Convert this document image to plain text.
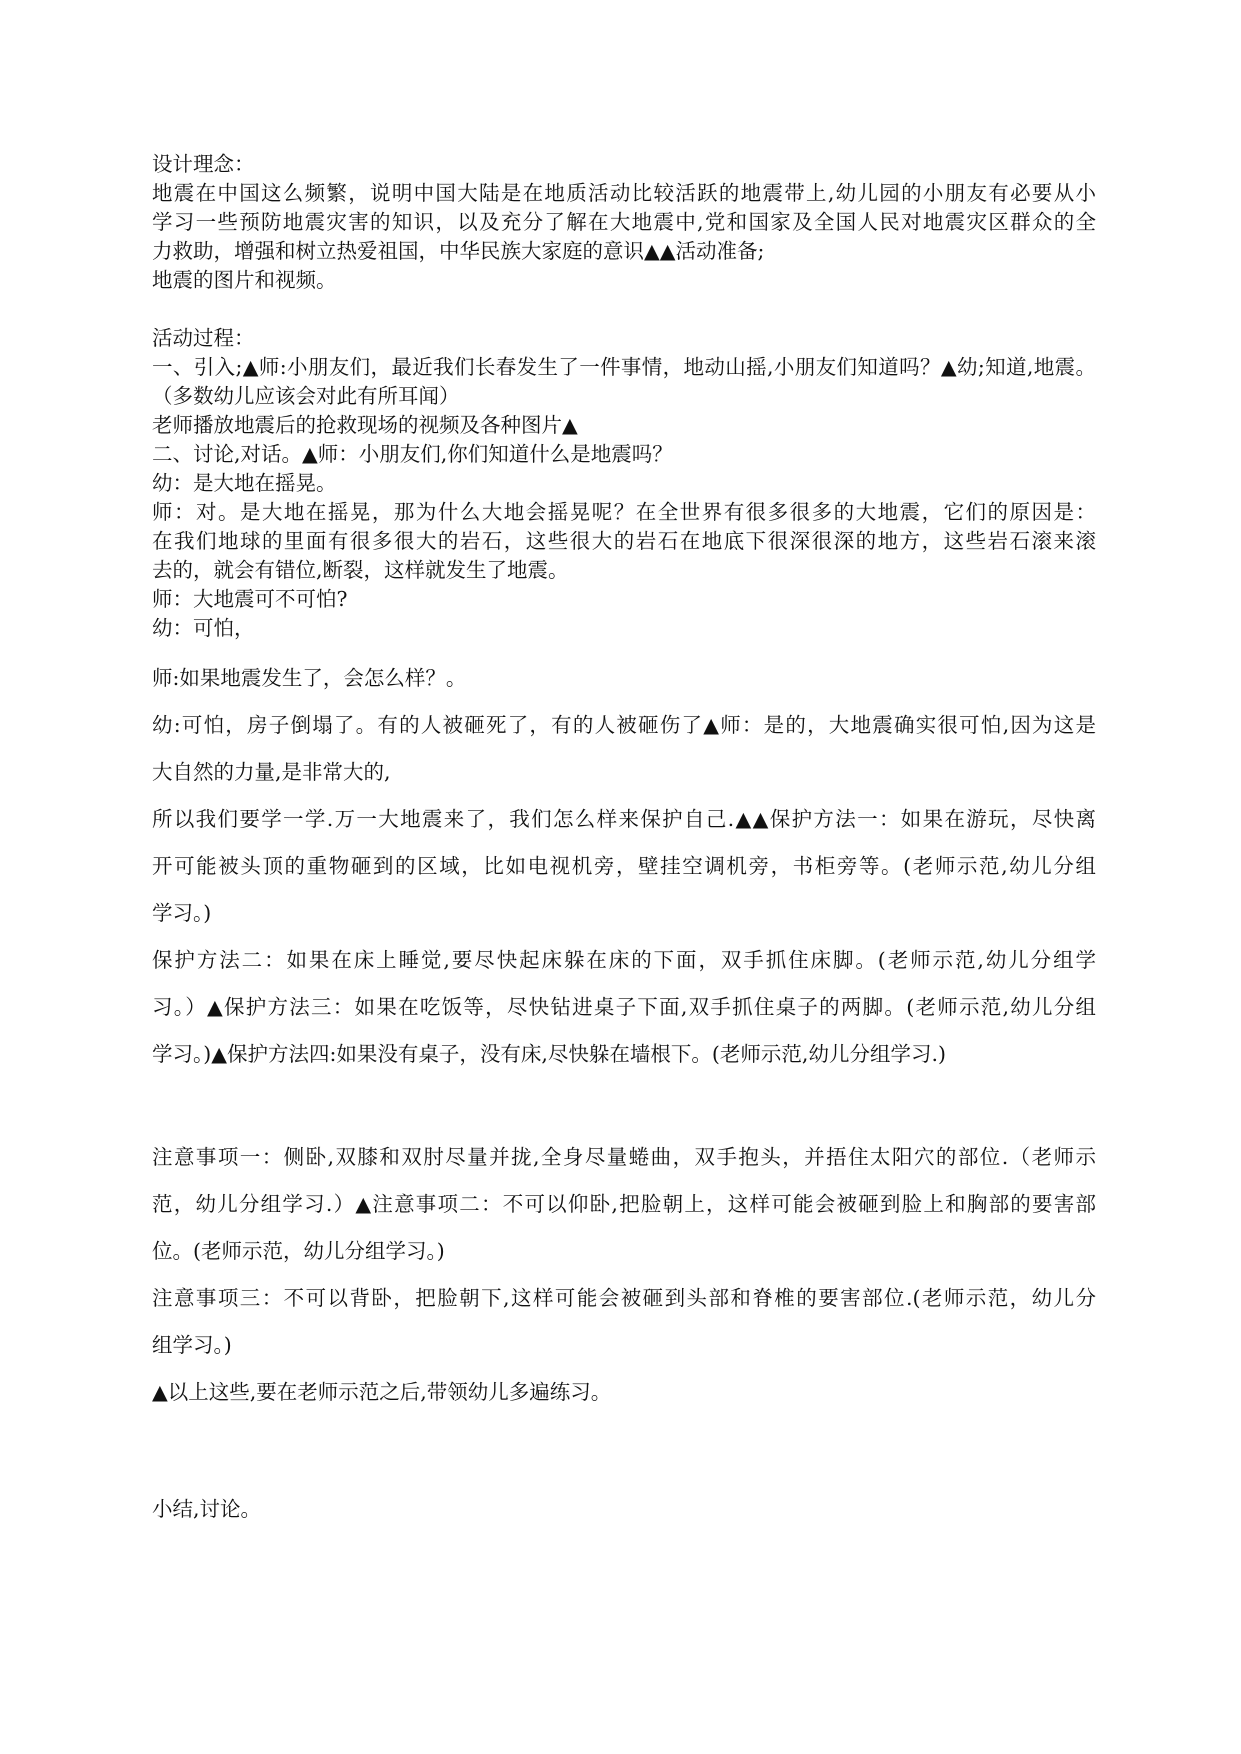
设计理念：
地震在中国这么频繁，说明中国大陆是在地质活动比较活跃的地震带上,幼儿园的小朋友有必要从小
学习一些预防地震灾害的知识，以及充分了解在大地震中,党和国家及全国人民对地震灾区群众的全
力救助，增强和树立热爱祖国，中华民族大家庭的意识▲▲活动准备;
地震的图片和视频。
活动过程：
一、引入;▲师:小朋友们，最近我们长春发生了一件事情，地动山摇,小朋友们知道吗？▲幼;知道,地震。
（多数幼儿应该会对此有所耳闻）
老师播放地震后的抢救现场的视频及各种图片▲
二、讨论,对话。▲师：小朋友们,你们知道什么是地震吗？
幼：是大地在摇晃。
师：对。是大地在摇晃，那为什么大地会摇晃呢？在全世界有很多很多的大地震，它们的原因是：
在我们地球的里面有很多很大的岩石，这些很大的岩石在地底下很深很深的地方，这些岩石滚来滚
去的，就会有错位,断裂，这样就发生了地震。
师：大地震可不可怕?
幼：可怕，
师:如果地震发生了，会怎么样？。
幼:可怕，房子倒塌了。有的人被砸死了，有的人被砸伤了▲师：是的，大地震确实很可怕,因为这是
大自然的力量,是非常大的,
所以我们要学一学.万一大地震来了，我们怎么样来保护自己.▲▲保护方法一：如果在游玩，尽快离
开可能被头顶的重物砸到的区域，比如电视机旁，壁挂空调机旁，书柜旁等。(老师示范,幼儿分组
学习。)
保护方法二：如果在床上睡觉,要尽快起床躲在床的下面，双手抓住床脚。(老师示范,幼儿分组学
习。）▲保护方法三：如果在吃饭等，尽快钻进桌子下面,双手抓住桌子的两脚。(老师示范,幼儿分组
学习。)▲保护方法四:如果没有桌子，没有床,尽快躲在墙根下。(老师示范,幼儿分组学习.)
注意事项一：侧卧,双膝和双肘尽量并拢,全身尽量蜷曲，双手抱头，并捂住太阳穴的部位.（老师示
范，幼儿分组学习.）▲注意事项二：不可以仰卧,把脸朝上，这样可能会被砸到脸上和胸部的要害部
位。(老师示范，幼儿分组学习。)
注意事项三：不可以背卧，把脸朝下,这样可能会被砸到头部和脊椎的要害部位.(老师示范，幼儿分
组学习。)
▲以上这些,要在老师示范之后,带领幼儿多遍练习。
小结,讨论。
